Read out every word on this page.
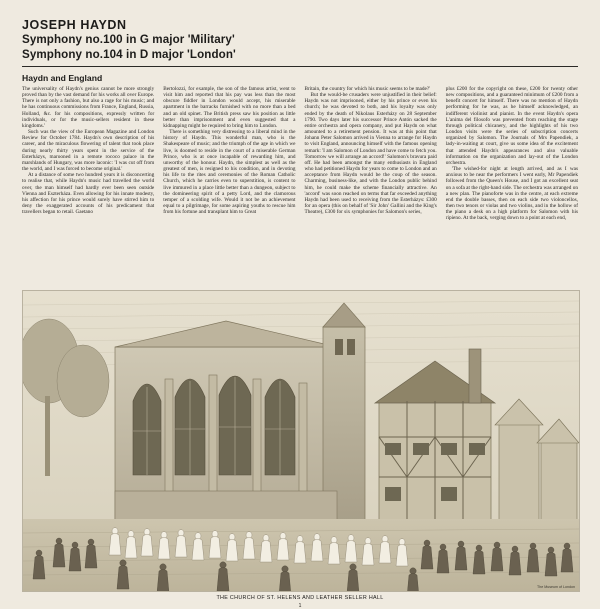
JOSEPH HAYDN
Symphony no.100 in G major 'Military'
Symphony no.104 in D major 'London'
Haydn and England

The universality of Haydn's genius cannot be more strongly proved than by the vast demand for his works all over Europe. There is not only a fashion, but also a rage for his music; and he has continuous commissions from France, England, Russia, Holland, &c. for his compositions, expressly written for individuals, or for the music-sellers resident in these kingdoms.'

Such was the view of the European Magazine and London Review for October 1784. Haydn's own description of his career, and the miraculous flowering of talent that took place during nearly thirty years spent in the service of the Esterházys, marooned in a remote rococo palace in the marshlands of Hungary, was more laconic: 'I was cut off from the world, and I was forced to become original.'

At a distance of some two hundred years it is disconcerting to realise that, while Haydn's music had travelled the world over, the man himself had hardly ever been seen outside Vienna and Eszterháza. Even allowing for his innate modesty, his affection for his prince would surely have stirred him to deny the exaggerated accounts of his predicament that travellers began to retail. Gaetano

Bertolozzi, for example, the son of the famous artist, went to visit him and reported that his pay was less than the most obscure fiddler in London would accept, his miserable apartment in the barracks furnished with no more than a bed and an old spinet. The British press saw his position as little better than imprisonment and even suggested that a kidnapping might be required to bring him to London.

There is something very distressing to a liberal mind in the history of Haydn. This wonderful man, who is the Shakespeare of music; and the triumph of the age in which we live, is doomed to reside in the court of a miserable German Prince, who is at once incapable of rewarding him, and unworthy of the honour. Haydn, the simplest as well as the greatest of men, is resigned to his condition, and in devoting his life to the rites and ceremonies of the Roman Catholic Church, which he carries even to superstition, is content to live immured in a place little better than a dungeon, subject to the domineering spirit of a petty Lord, and the clamorous temper of a scolding wife. Would it not be an achievement equal to a pilgrimage, for some aspiring youths to rescue him from his fortune and transplant him to Great

Britain, the country for which his music seems to be made?'

But the would-be crusaders were unjustified in their belief: Haydn was not imprisoned, either by his prince or even his church; he was devoted to both, and his loyalty was only ended by the death of Nikolaus Esterházy on 28 September 1790. Two days later his successor Prince Antón sacked the entire orchestra and opera company, and put Haydn on what amounted to a retirement pension. It was at this point that Johann Peter Salomon arrived in Vienna to arrange for Haydn to visit England, announcing himself with the famous opening remark: 'I am Salomon of London and have come to fetch you. Tomorrow we will arrange an accord!' Salomon's bravura paid off. He had been amongst the many enthusiasts in England who had petitioned Haydn for years to come to London and an acceptance from Haydn would be the coup of the season. Charming, business-like, and with the London public behind him, he could make the scheme financially attractive. An 'accord' was soon reached on terms that far exceeded anything Haydn had been used to receiving from the Esterházys: £300 for an opera (this on behalf of 'Sir John' Gallini and the King's Theatre), £300 for six symphonies for Salomon's series,

plus £200 for the copyright on these, £200 for twenty other new compositions, and a guaranteed minimum of £200 from a benefit concert for himself. There was no mention of Haydn performing for he was, as he himself acknowledged, an indifferent violinist and pianist. In the event Haydn's opera L'anima del filosofo was prevented from reaching the stage through political chicanery, and the highlights of his two London visits were the series of subscription concerts organized by Salomon. The Journals of Mrs Papendiek, a lady-in-waiting at court, give us some idea of the excitement that attended Haydn's appearances and also valuable information on the organization and lay-out of the London orchestra.

'The wished-for night at length arrived, and as I was anxious to be near the performers I went early, Mr Papendiek followed from the Queen's House, and I got an excellent seat on a sofa at the right-hand side. The orchestra was arranged on a new plan. The pianoforte was in the centre, at each extreme end the double basses, then on each side two violoncellos, then two tenors or violas and two violins, and in the hollow of the piano a desk on a high platform for Salomon with his ripieno. At the back, verging down to a point at each end,

The Museum of London
THE CHURCH OF ST. HELENS AND LEATHER SELLER HALL
1
